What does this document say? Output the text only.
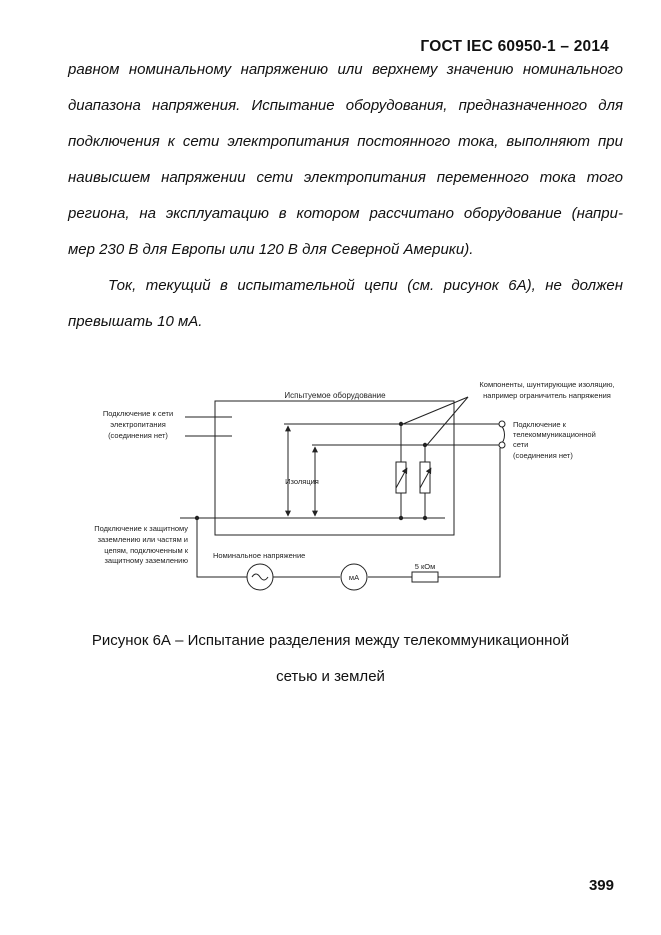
ГОСТ IEC 60950-1 – 2014
равном номинальному напряжению или верхнему значению номинального
диапазона напряжения. Испытание оборудования, предназначенного для
подключения к сети электропитания постоянного тока, выполняют при
наивысшем напряжении сети электропитания переменного тока того
региона, на эксплуатацию в котором рассчитано оборудование (напри-
мер 230 В для Европы или 120 В для Северной Америки).
Ток, текущий в испытательной цепи (см. рисунок 6А), не должен
превышать 10 мА.
Испытуемое оборудование
Компоненты, шунтирующие изоляцию,
например ограничитель напряжения
Подключение к сети
электропитания
(соединения нет)
Подключение к
телекоммуникационной
сети
(соединения нет)
Изоляция
Подключение к защитному
заземлению или частям и
цепям, подключенным к
защитному заземлению
Номинальное напряжение
мА
5 кОм
Рисунок 6А – Испытание разделения между телекоммуникационной
сетью и землей
399
